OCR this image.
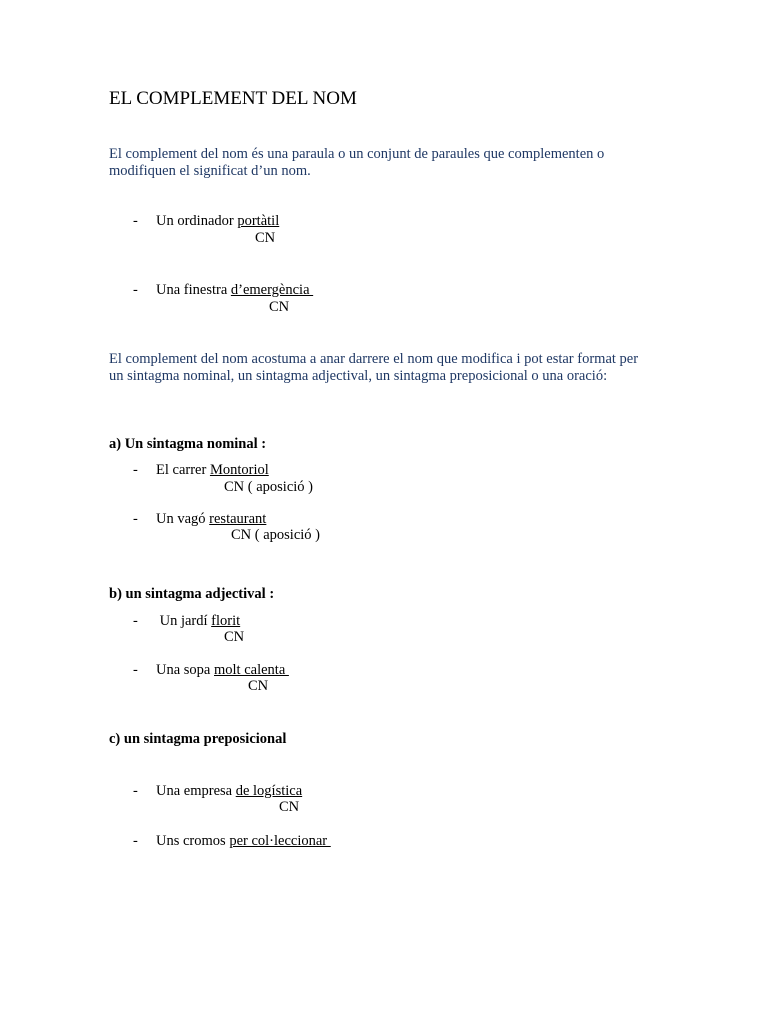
EL COMPLEMENT DEL NOM
El complement del nom és una paraula o un conjunt de paraules que complementen o modifiquen el significat d’un nom.
- Un ordinador portàtil
CN
- Una finestra d’emergència
CN
El complement del nom acostuma a anar darrere el nom que modifica i pot estar format per un sintagma nominal, un sintagma adjectival, un sintagma preposicional o una oració:
a) Un sintagma nominal :
- El carrer Montoriol
CN ( aposició )
- Un vagó restaurant
CN ( aposició )
b) un sintagma adjectival :
- Un jardí florit
CN
- Una sopa molt calenta
CN
c) un sintagma preposicional
- Una empresa de logística
CN
- Uns cromos per col·leccionar
